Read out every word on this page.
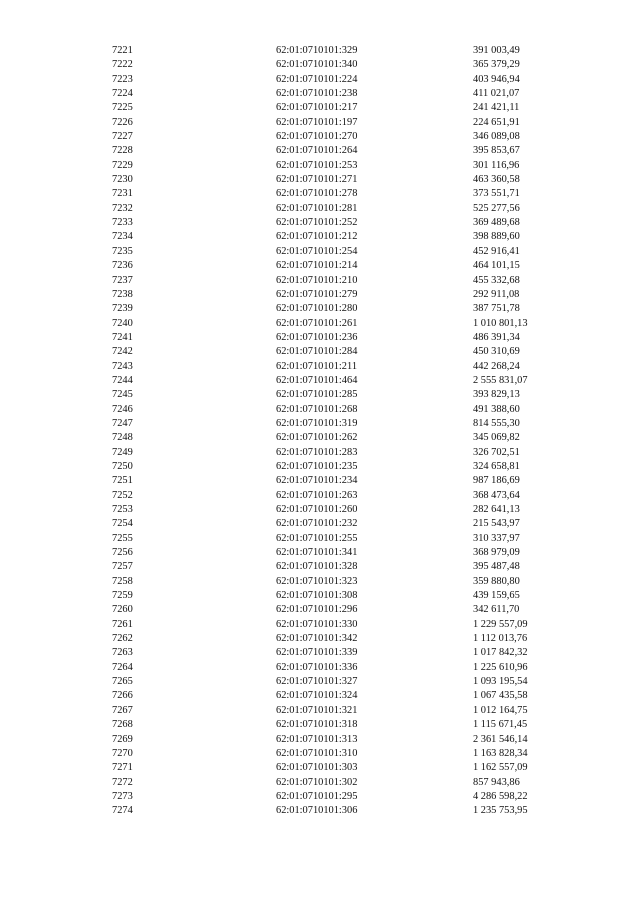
7221	62:01:0710101:329	391 003,49
7222	62:01:0710101:340	365 379,29
7223	62:01:0710101:224	403 946,94
7224	62:01:0710101:238	411 021,07
7225	62:01:0710101:217	241 421,11
7226	62:01:0710101:197	224 651,91
7227	62:01:0710101:270	346 089,08
7228	62:01:0710101:264	395 853,67
7229	62:01:0710101:253	301 116,96
7230	62:01:0710101:271	463 360,58
7231	62:01:0710101:278	373 551,71
7232	62:01:0710101:281	525 277,56
7233	62:01:0710101:252	369 489,68
7234	62:01:0710101:212	398 889,60
7235	62:01:0710101:254	452 916,41
7236	62:01:0710101:214	464 101,15
7237	62:01:0710101:210	455 332,68
7238	62:01:0710101:279	292 911,08
7239	62:01:0710101:280	387 751,78
7240	62:01:0710101:261	1 010 801,13
7241	62:01:0710101:236	486 391,34
7242	62:01:0710101:284	450 310,69
7243	62:01:0710101:211	442 268,24
7244	62:01:0710101:464	2 555 831,07
7245	62:01:0710101:285	393 829,13
7246	62:01:0710101:268	491 388,60
7247	62:01:0710101:319	814 555,30
7248	62:01:0710101:262	345 069,82
7249	62:01:0710101:283	326 702,51
7250	62:01:0710101:235	324 658,81
7251	62:01:0710101:234	987 186,69
7252	62:01:0710101:263	368 473,64
7253	62:01:0710101:260	282 641,13
7254	62:01:0710101:232	215 543,97
7255	62:01:0710101:255	310 337,97
7256	62:01:0710101:341	368 979,09
7257	62:01:0710101:328	395 487,48
7258	62:01:0710101:323	359 880,80
7259	62:01:0710101:308	439 159,65
7260	62:01:0710101:296	342 611,70
7261	62:01:0710101:330	1 229 557,09
7262	62:01:0710101:342	1 112 013,76
7263	62:01:0710101:339	1 017 842,32
7264	62:01:0710101:336	1 225 610,96
7265	62:01:0710101:327	1 093 195,54
7266	62:01:0710101:324	1 067 435,58
7267	62:01:0710101:321	1 012 164,75
7268	62:01:0710101:318	1 115 671,45
7269	62:01:0710101:313	2 361 546,14
7270	62:01:0710101:310	1 163 828,34
7271	62:01:0710101:303	1 162 557,09
7272	62:01:0710101:302	857 943,86
7273	62:01:0710101:295	4 286 598,22
7274	62:01:0710101:306	1 235 753,95
